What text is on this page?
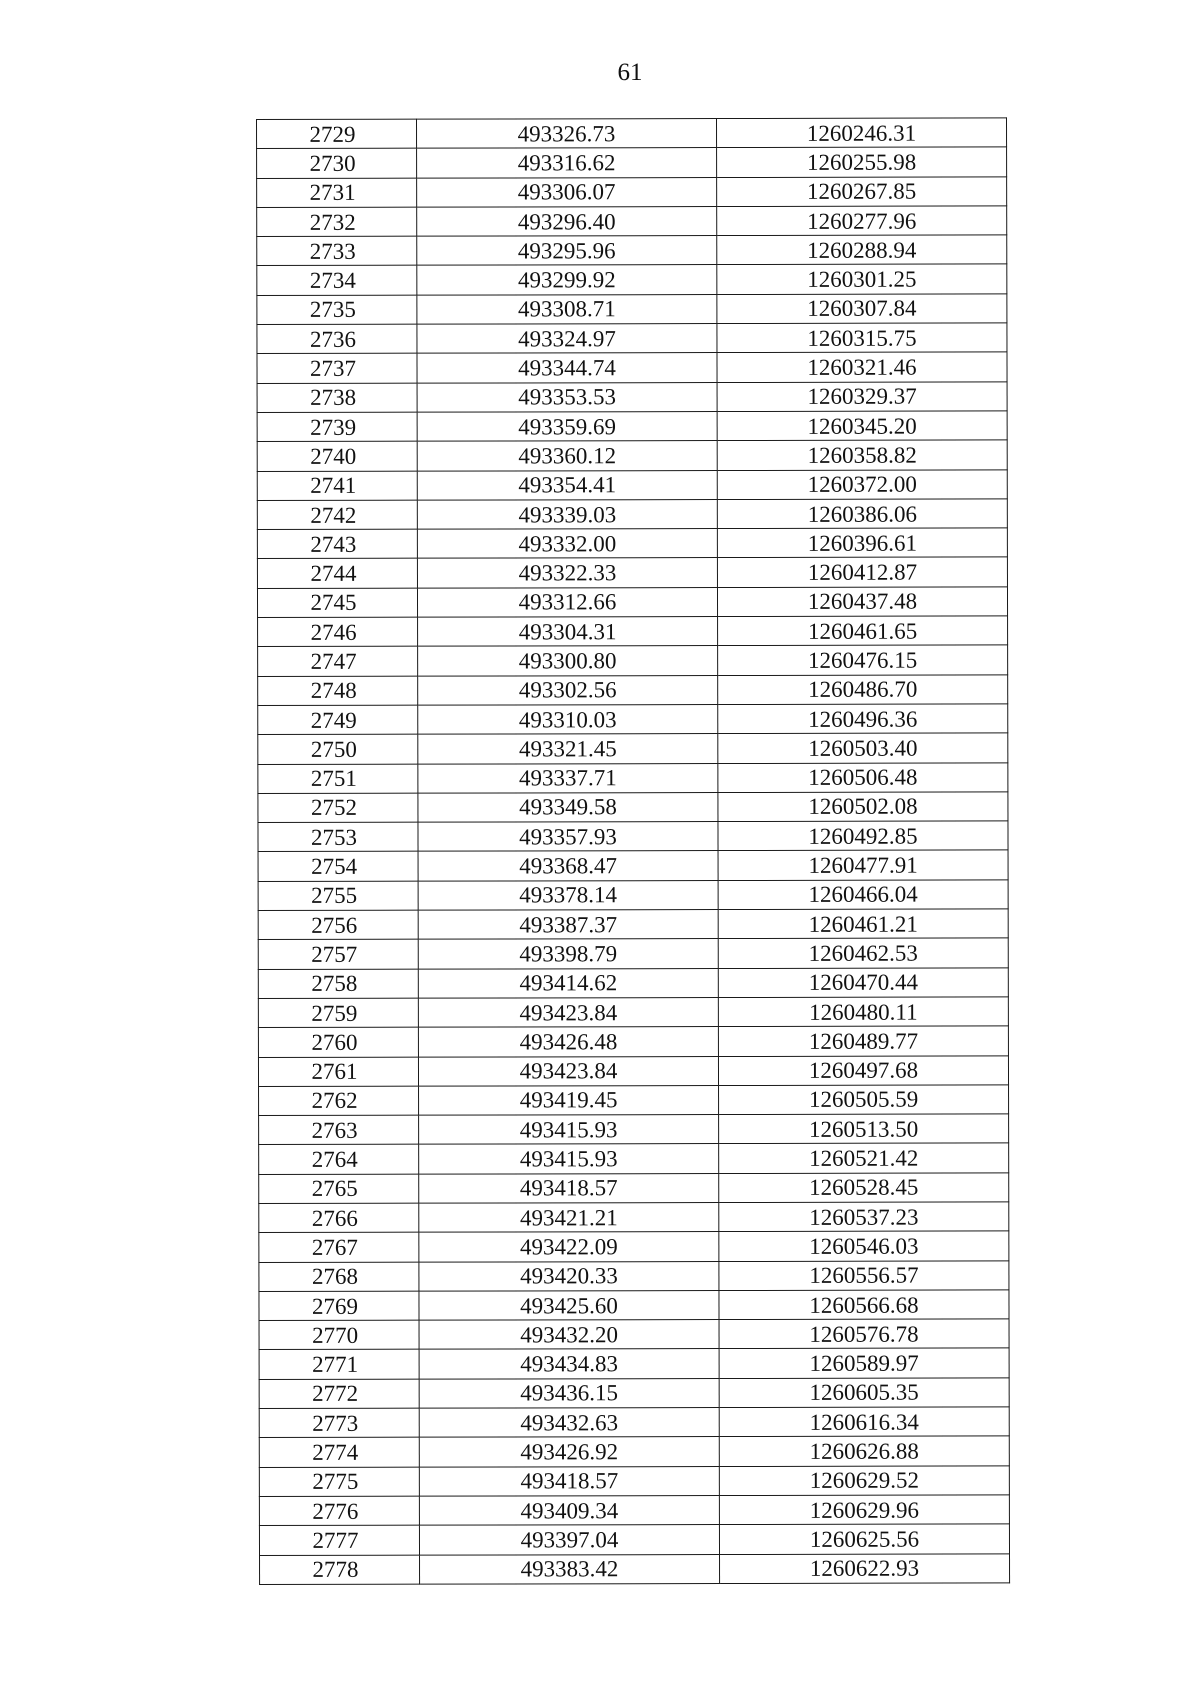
61
2729	493326.73	1260246.31
2730	493316.62	1260255.98
2731	493306.07	1260267.85
2732	493296.40	1260277.96
2733	493295.96	1260288.94
2734	493299.92	1260301.25
2735	493308.71	1260307.84
2736	493324.97	1260315.75
2737	493344.74	1260321.46
2738	493353.53	1260329.37
2739	493359.69	1260345.20
2740	493360.12	1260358.82
2741	493354.41	1260372.00
2742	493339.03	1260386.06
2743	493332.00	1260396.61
2744	493322.33	1260412.87
2745	493312.66	1260437.48
2746	493304.31	1260461.65
2747	493300.80	1260476.15
2748	493302.56	1260486.70
2749	493310.03	1260496.36
2750	493321.45	1260503.40
2751	493337.71	1260506.48
2752	493349.58	1260502.08
2753	493357.93	1260492.85
2754	493368.47	1260477.91
2755	493378.14	1260466.04
2756	493387.37	1260461.21
2757	493398.79	1260462.53
2758	493414.62	1260470.44
2759	493423.84	1260480.11
2760	493426.48	1260489.77
2761	493423.84	1260497.68
2762	493419.45	1260505.59
2763	493415.93	1260513.50
2764	493415.93	1260521.42
2765	493418.57	1260528.45
2766	493421.21	1260537.23
2767	493422.09	1260546.03
2768	493420.33	1260556.57
2769	493425.60	1260566.68
2770	493432.20	1260576.78
2771	493434.83	1260589.97
2772	493436.15	1260605.35
2773	493432.63	1260616.34
2774	493426.92	1260626.88
2775	493418.57	1260629.52
2776	493409.34	1260629.96
2777	493397.04	1260625.56
2778	493383.42	1260622.93
